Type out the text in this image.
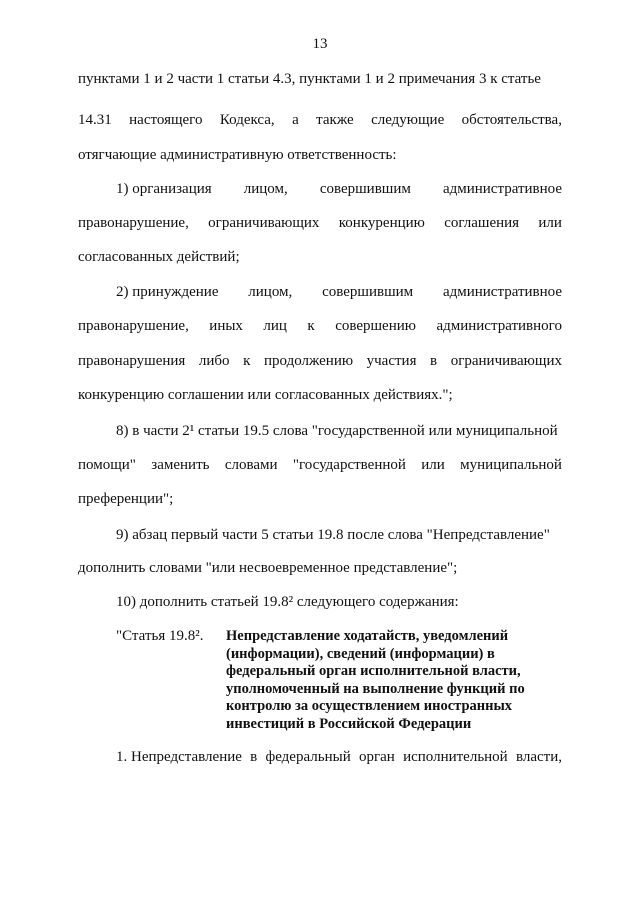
13
пунктами 1 и 2 части 1 статьи 4.3, пунктами 1 и 2 примечания 3 к статье
14.31 настоящего Кодекса, а также следующие обстоятельства,
отягчающие административную ответственность:
1) организация лицом, совершившим административное
правонарушение, ограничивающих конкуренцию соглашения или
согласованных действий;
2) принуждение лицом, совершившим административное
правонарушение, иных лиц к совершению административного
правонарушения либо к продолжению участия в ограничивающих
конкуренцию соглашении или согласованных действиях.";
8) в части 2¹ статьи 19.5 слова "государственной или муниципальной
помощи" заменить словами "государственной или муниципальной
преференции";
9) абзац первый части 5 статьи 19.8 после слова "Непредставление"
дополнить словами "или несвоевременное представление";
10) дополнить статьей 19.8² следующего содержания:
"Статья 19.8². Непредставление ходатайств, уведомлений
(информации), сведений (информации) в
федеральный орган исполнительной власти,
уполномоченный на выполнение функций по
контролю за осуществлением иностранных
инвестиций в Российской Федерации
1. Непредставление в федеральный орган исполнительной власти,
